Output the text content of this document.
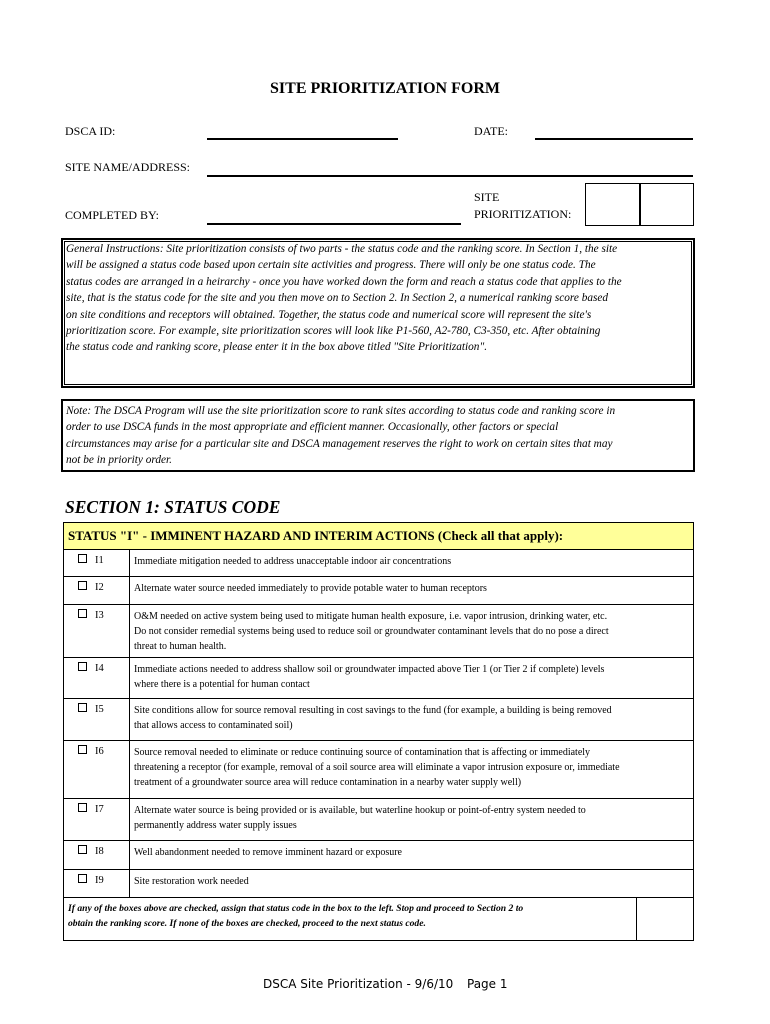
SITE PRIORITIZATION FORM
DSCA ID:	DATE:
SITE NAME/ADDRESS:
COMPLETED BY:
SITE
PRIORITIZATION:
General Instructions: Site prioritization consists of two parts - the status code and the ranking score. In Section 1, the site
will be assigned a status code based upon certain site activities and progress. There will only be one status code. The
status codes are arranged in a heirarchy - once you have worked down the form and reach a status code that applies to the
site, that is the status code for the site and you then move on to Section 2. In Section 2, a numerical ranking score based
on site conditions and receptors will obtained. Together, the status code and numerical score will represent the site's
prioritization score. For example, site prioritization scores will look like P1-560, A2-780, C3-350, etc. After obtaining
the status code and ranking score, please enter it in the box above titled "Site Prioritization".
Note: The DSCA Program will use the site prioritization score to rank sites according to status code and ranking score in
order to use DSCA funds in the most appropriate and efficient manner. Occasionally, other factors or special
circumstances may arise for a particular site and DSCA management reserves the right to work on certain sites that may
not be in priority order.
SECTION 1: STATUS CODE
STATUS "I" - IMMINENT HAZARD AND INTERIM ACTIONS (Check all that apply):	
I1	Immediate mitigation needed to address unacceptable indoor air concentrations

I2	Alternate water source needed immediately to provide potable water to human receptors

I3	O&M needed on active system being used to mitigate human health exposure, i.e. vapor intrusion, drinking water, etc.
Do not consider remedial systems being used to reduce soil or groundwater contaminant levels that do no pose a direct
threat to human health.

I4	Immediate actions needed to address shallow soil or groundwater impacted above Tier 1 (or Tier 2 if complete) levels
where there is a potential for human contact

I5	Site conditions allow for source removal resulting in cost savings to the fund (for example, a building is being removed
that allows access to contaminated soil)

I6	Source removal needed to eliminate or reduce continuing source of contamination that is affecting or immediately
threatening a receptor (for example, removal of a soil source area will eliminate a vapor intrusion exposure or, immediate
treatment of a groundwater source area will reduce contamination in a nearby water supply well)

I7	Alternate water source is being provided or is available, but waterline hookup or point-of-entry system needed to
permanently address water supply issues

I8	Well abandonment needed to remove imminent hazard or exposure

I9	Site restoration work needed

If any of the boxes above are checked, assign that status code in the box to the left. Stop and proceed to Section 2 to
obtain the ranking score. If none of the boxes are checked, proceed to the next status code.	
DSCA Site Prioritization - 9/6/10 Page 1
